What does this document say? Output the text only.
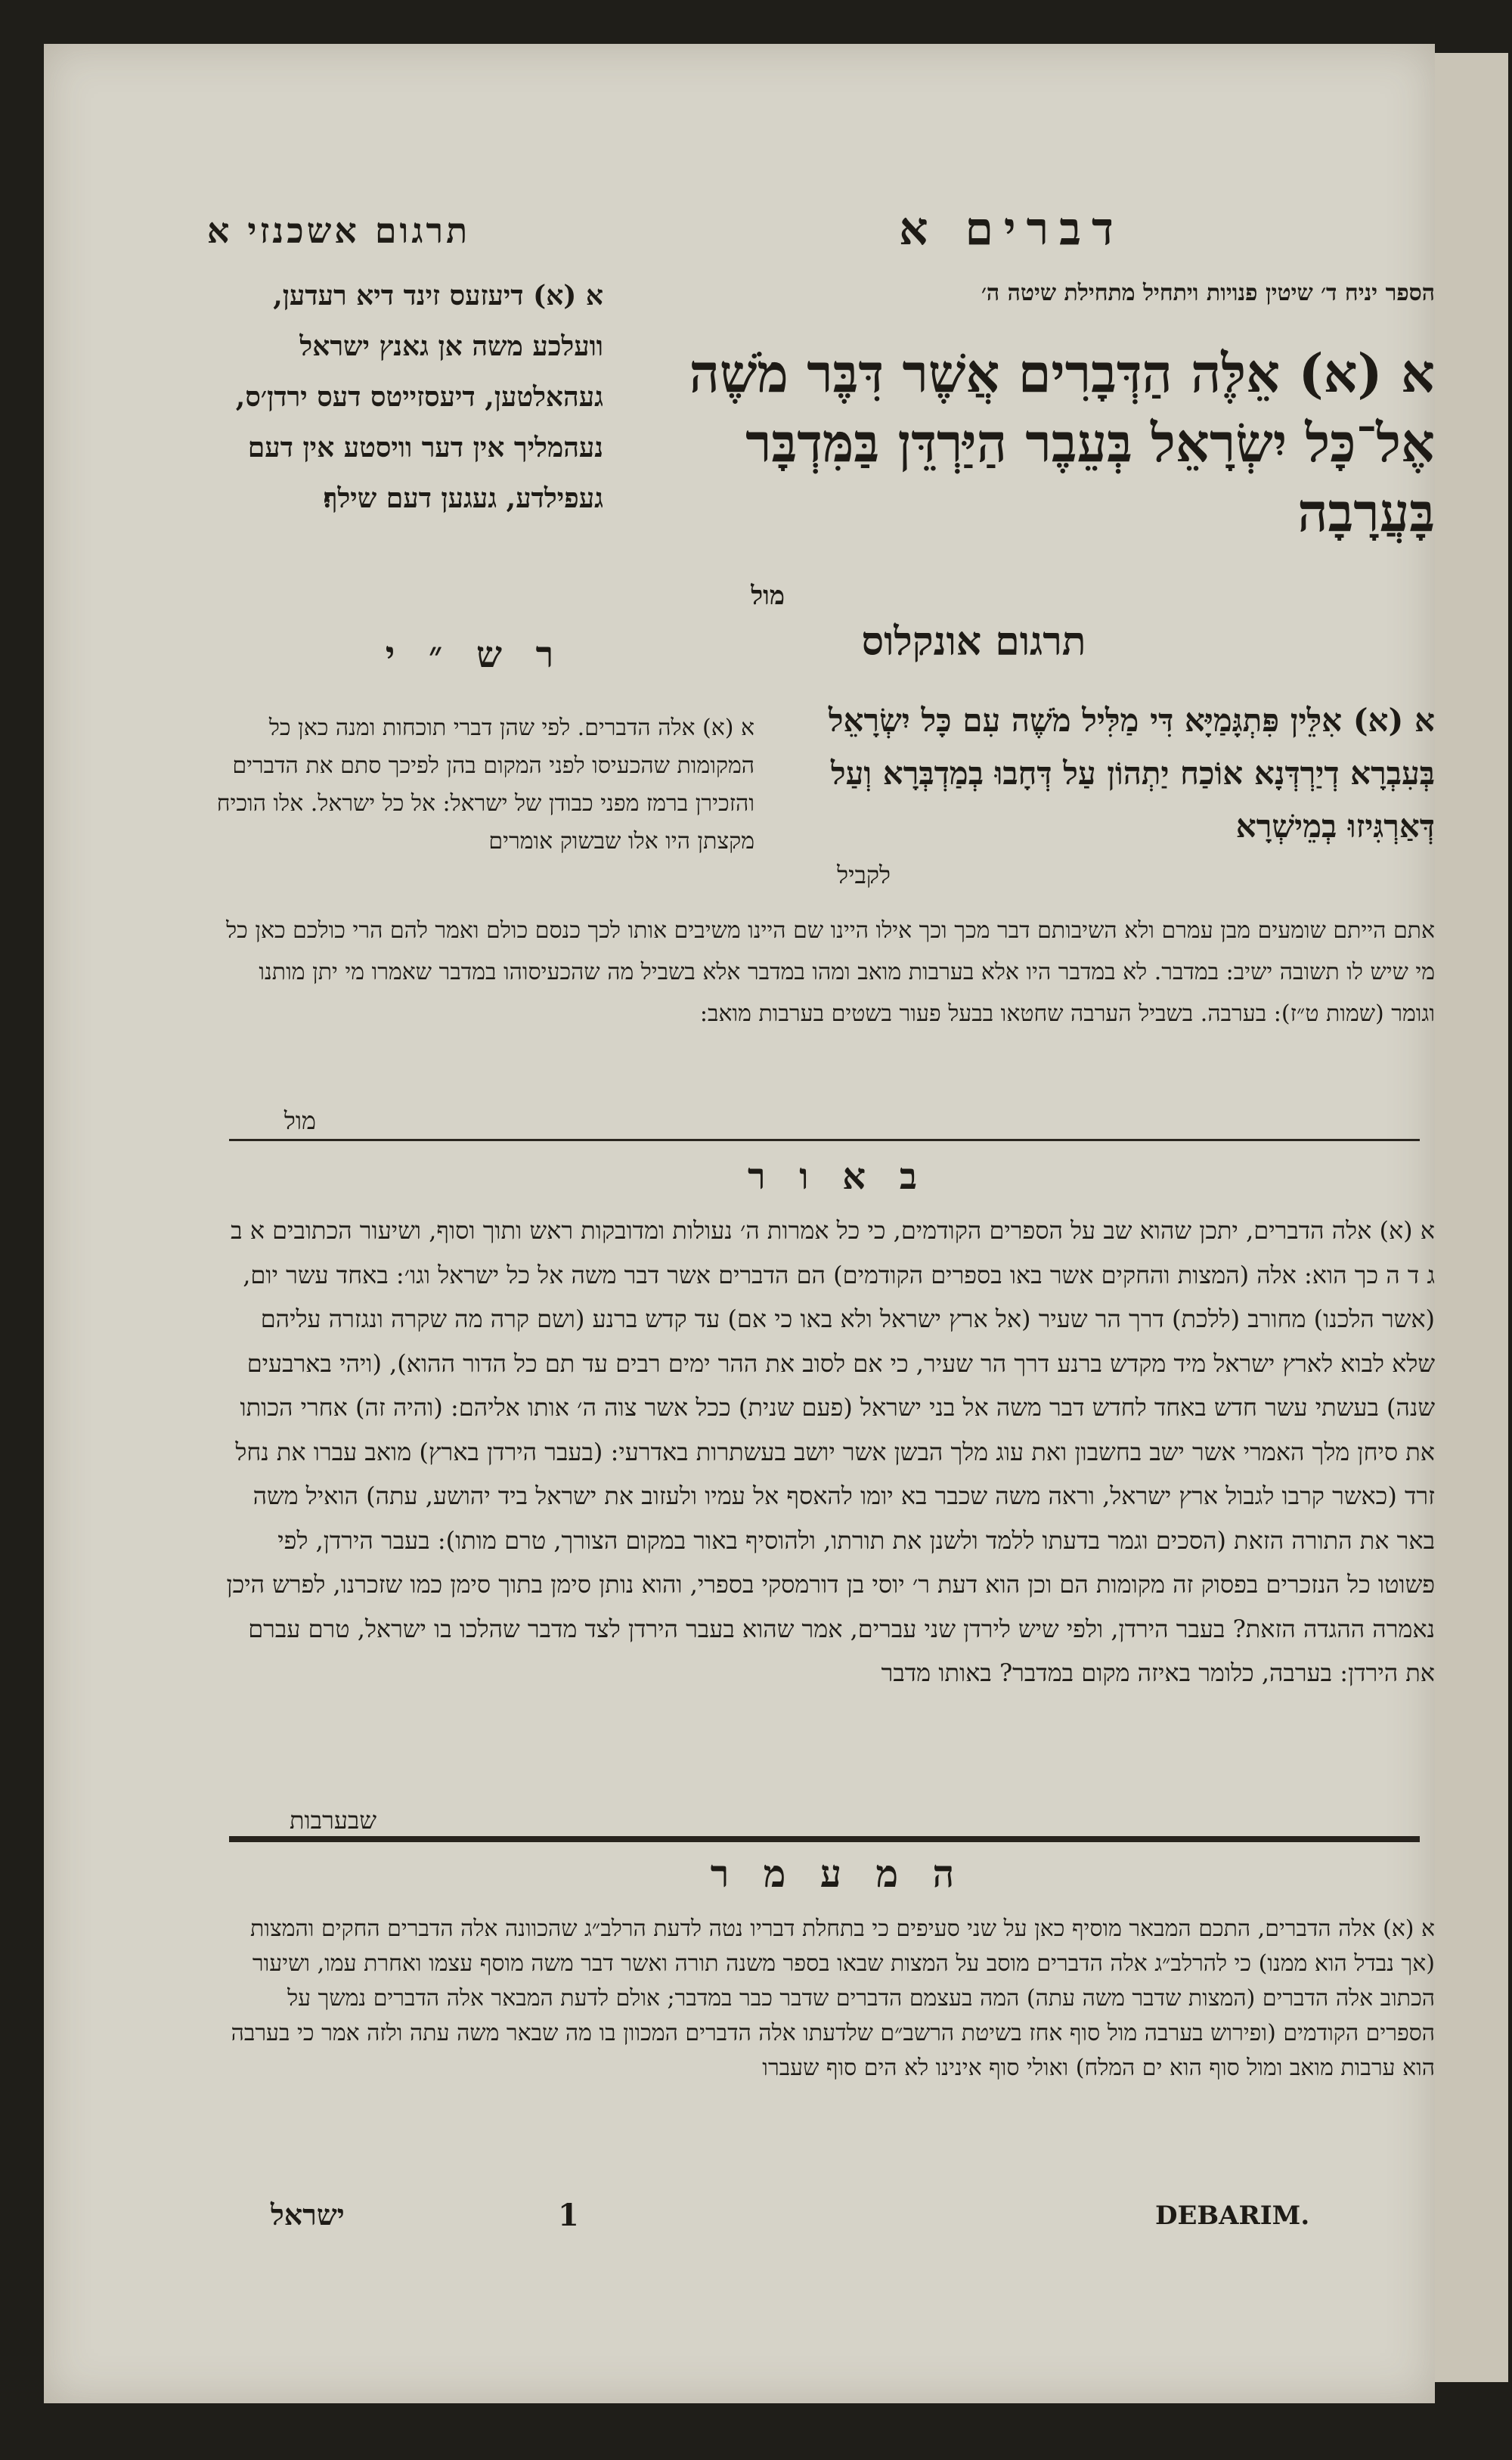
דברים א
תרגום אשכנזי א
הספר יניח ד׳ שיטין פנויות ויתחיל מתחילת שיטה ה׳
א (א) דיעזעס זינד דיא רעדען, וועלכע משה אן גאנץ ישראל געהאלטען, דיעסזייטס דעס ירדן׳ס, נעהמליך אין דער וויסטע אין דעם געפילדע, געגען דעם שילף׃
א (א) אֵלֶּה הַדְּבָרִים אֲשֶׁר דִּבֶּר מֹשֶׁה אֶל־כָּל יִשְׂרָאֵל בְּעֵבֶר הַיַּרְדֵּן בַּמִּדְבָּר בָּעֲרָבָה
מול
תרגום אונקלוס
א (א) אִלֵּין פִּתְגָּמַיָּא דִּי מַלִּיל מֹשֶׁה עִם כָּל יִשְׂרָאֵל בְּעִבְרָא דְיַרְדְּנָא אוֹכַח יַתְהוֹן עַל דְּחָבוּ בְמַדְבְּרָא וְעַל דְּאַרְגִּיזוּ בְמֵישְׁרָא
לקביל
ר ש ״ י
א (א) אלה הדברים. לפי שהן דברי תוכחות ומנה כאן כל המקומות שהכעיסו לפני המקום בהן לפיכך סתם את הדברים והזכירן ברמז מפני כבודן של ישראל: אל כל ישראל. אלו הוכיח מקצתן היו אלו שבשוק אומרים
אתם הייתם שומעים מבן עמרם ולא השיבותם דבר מכך וכך אילו היינו שם היינו משיבים אותו לכך כנסם כולם ואמר להם הרי כולכם כאן כל מי שיש לו תשובה ישיב: במדבר. לא במדבר היו אלא בערבות מואב ומהו במדבר אלא בשביל מה שהכעיסוהו במדבר שאמרו מי יתן מותנו וגומר (שמות ט״ז): בערבה. בשביל הערבה שחטאו בבעל פעור בשטים בערבות מואב:
מול
ב א ו ר
א (א) אלה הדברים, יתכן שהוא שב על הספרים הקודמים, כי כל אמרות ה׳ נעולות ומדובקות ראש ותוך וסוף, ושיעור הכתובים א ב ג ד ה כך הוא: אלה (המצות והחקים אשר באו בספרים הקודמים) הם הדברים אשר דבר משה אל כל ישראל וגו׳: באחד עשר יום, (אשר הלכנו) מחורב (ללכת) דרך הר שעיר (אל ארץ ישראל ולא באו כי אם) עד קדש ברנע (ושם קרה מה שקרה ונגזרה עליהם שלא לבוא לארץ ישראל מיד מקדש ברנע דרך הר שעיר, כי אם לסוב את ההר ימים רבים עד תם כל הדור ההוא), (ויהי בארבעים שנה) בעשתי עשר חדש באחד לחדש דבר משה אל בני ישראל (פעם שנית) ככל אשר צוה ה׳ אותו אליהם: (והיה זה) אחרי הכותו את סיחן מלך האמרי אשר ישב בחשבון ואת עוג מלך הבשן אשר יושב בעשתרות באדרעי: (בעבר הירדן בארץ) מואב עברו את נחל זרד (כאשר קרבו לגבול ארץ ישראל, וראה משה שכבר בא יומו להאסף אל עמיו ולעזוב את ישראל ביד יהושע, עתה) הואיל משה באר את התורה הזאת (הסכים וגמר בדעתו ללמד ולשנן את תורתו, ולהוסיף באור במקום הצורך, טרם מותו): בעבר הירדן, לפי פשוטו כל הנזכרים בפסוק זה מקומות הם וכן הוא דעת ר׳ יוסי בן דורמסקי בספרי, והוא נותן סימן בתוך סימן כמו שזכרנו, לפרש היכן נאמרה ההגדה הזאת? בעבר הירדן, ולפי שיש לירדן שני עברים, אמר שהוא בעבר הירדן לצד מדבר שהלכו בו ישראל, טרם עברם את הירדן: בערבה, כלומר באיזה מקום במדבר? באותו מדבר
שבערבות
ה מ ע מ ר
א (א) אלה הדברים, התכם המבאר מוסיף כאן על שני סעיפים כי בתחלת דבריו נטה לדעת הרלב״ג שהכוונה אלה הדברים החקים והמצות (אך נבדל הוא ממנו) כי להרלב״ג אלה הדברים מוסב על המצות שבאו בספר משנה תורה ואשר דבר משה מוסף עצמו ואחרת עמו, ושיעור הכתוב אלה הדברים (המצות שדבר משה עתה) המה בעצמם הדברים שדבר כבר במדבר; אולם לדעת המבאר אלה הדברים נמשך על הספרים הקודמים (ופירוש בערבה מול סוף אחז בשיטת הרשב״ם שלדעתו אלה הדברים המכוון בו מה שבאר משה עתה ולזה אמר כי בערבה הוא ערבות מואב ומול סוף הוא ים המלח) ואולי סוף אינינו לא הים סוף שעברו
ישראל	1	DEBARIM.
